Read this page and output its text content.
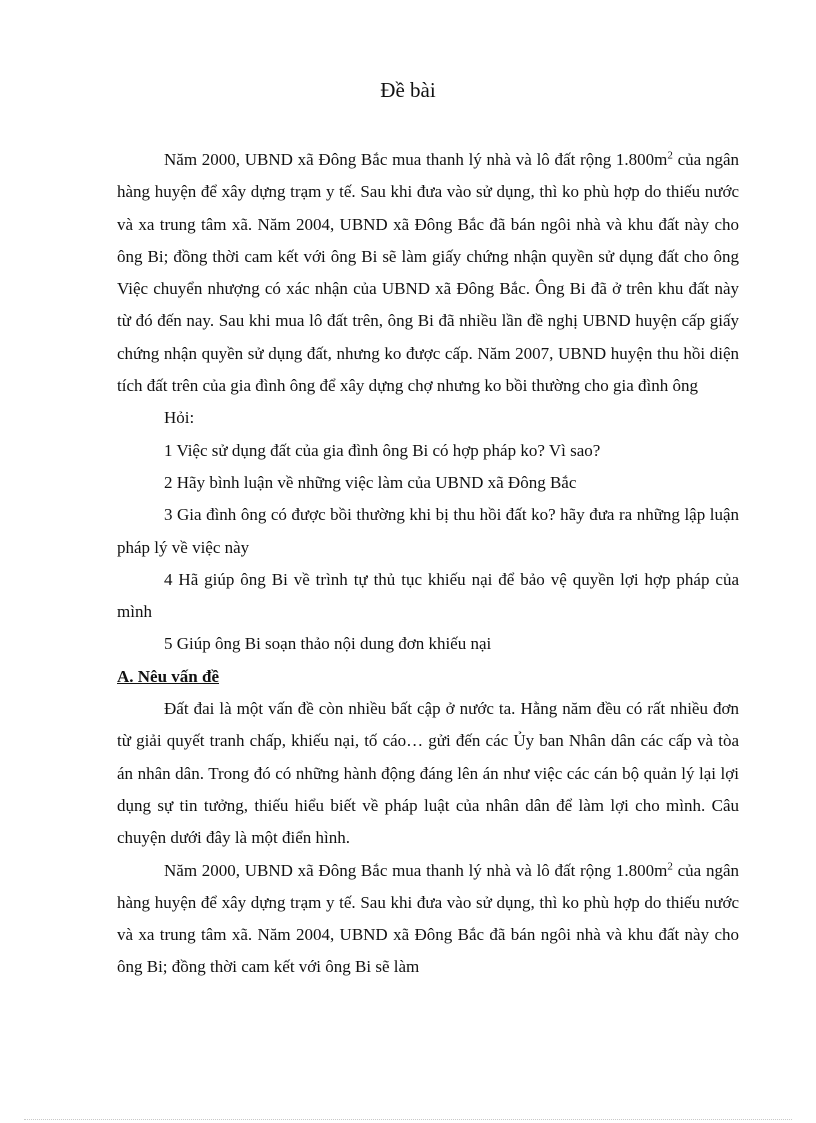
Đề bài

Năm 2000, UBND xã Đông Bắc mua thanh lý nhà và lô đất rộng $1.800m^2$ của ngân hàng huyện để xây dựng trạm y tế. Sau khi đưa vào sử dụng, thì ko phù hợp do thiếu nước và xa trung tâm xã. Năm 2004, UBND xã Đông Bắc đã bán ngôi nhà và khu đất này cho ông Bi; đồng thời cam kết với ông Bi sẽ làm giấy chứng nhận quyền sử dụng đất cho ông Việc chuyển nhượng có xác nhận của UBND xã Đông Bắc. Ông Bi đã ở trên khu đất này từ đó đến nay. Sau khi mua lô đất trên, ông Bi đã nhiều lần đề nghị UBND huyện cấp giấy chứng nhận quyền sử dụng đất, nhưng ko được cấp. Năm 2007, UBND huyện thu hồi diện tích đất trên của gia đình ông để xây dựng chợ nhưng ko bồi thường cho gia đình ông

Hỏi:

1 Việc sử dụng đất của gia đình ông Bi có hợp pháp ko? Vì sao?

2 Hãy bình luận về những việc làm của UBND xã Đông Bắc

3 Gia đình ông có được bồi thường khi bị thu hồi đất ko? hãy đưa ra những lập luận pháp lý về việc này

4 Hã giúp ông Bi về trình tự thủ tục khiếu nại để bảo vệ quyền lợi hợp pháp của mình

5 Giúp ông Bi soạn thảo nội dung đơn khiếu nại

A. Nêu vấn đề

Đất đai là một vấn đề còn nhiều bất cập ở nước ta. Hằng năm đều có rất nhiều đơn từ giải quyết tranh chấp, khiếu nại, tố cáo… gửi đến các Ủy ban Nhân dân các cấp và tòa án nhân dân. Trong đó có những hành động đáng lên án như việc các cán bộ quản lý lại lợi dụng sự tin tưởng, thiếu hiểu biết về pháp luật của nhân dân để làm lợi cho mình. Câu chuyện dưới đây là một điển hình.

Năm 2000, UBND xã Đông Bắc mua thanh lý nhà và lô đất rộng $1.800m^2$ của ngân hàng huyện để xây dựng trạm y tế. Sau khi đưa vào sử dụng, thì ko phù hợp do thiếu nước và xa trung tâm xã. Năm 2004, UBND xã Đông Bắc đã bán ngôi nhà và khu đất này cho ông Bi; đồng thời cam kết với ông Bi sẽ làm
